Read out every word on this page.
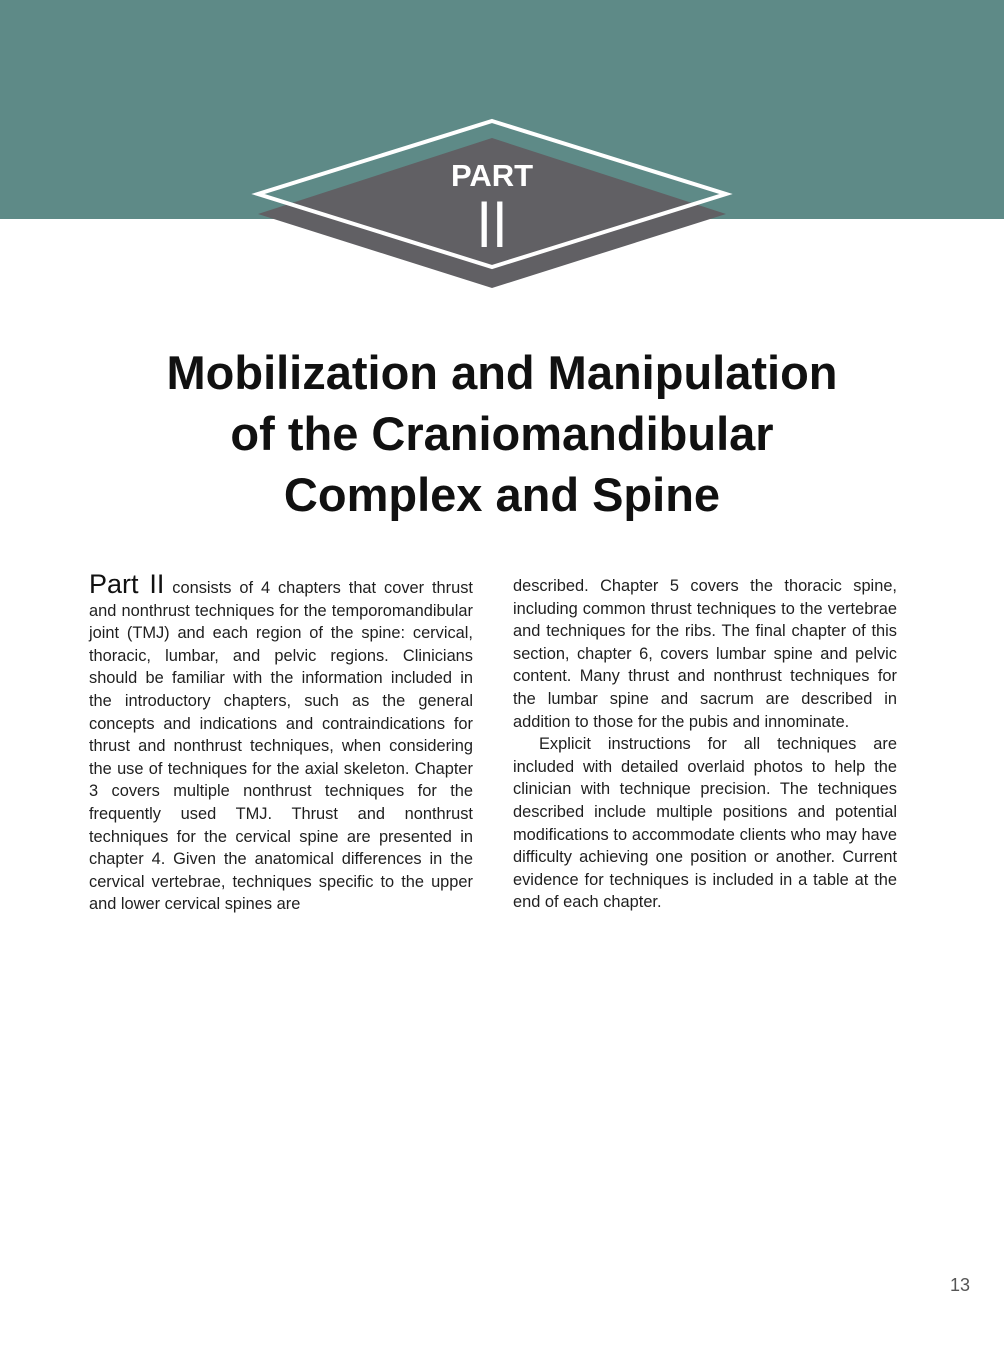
PART
II
Mobilization and Manipulation
of the Craniomandibular
Complex and Spine

Part II consists of 4 chapters that cover thrust and nonthrust techniques for the temporomandibular joint (TMJ) and each region of the spine: cervical, thoracic, lumbar, and pelvic regions. Clinicians should be familiar with the information included in the introductory chapters, such as the general concepts and indications and contraindications for thrust and nonthrust techniques, when considering the use of techniques for the axial skeleton. Chapter 3 covers multiple nonthrust techniques for the frequently used TMJ. Thrust and nonthrust techniques for the cervical spine are presented in chapter 4. Given the anatomical differences in the cervical vertebrae, techniques specific to the upper and lower cervical spines are

described. Chapter 5 covers the thoracic spine, including common thrust techniques to the vertebrae and techniques for the ribs. The final chapter of this section, chapter 6, covers lumbar spine and pelvic content. Many thrust and nonthrust techniques for the lumbar spine and sacrum are described in addition to those for the pubis and innominate.

Explicit instructions for all techniques are included with detailed overlaid photos to help the clinician with technique precision. The techniques described include multiple positions and potential modifications to accommodate clients who may have difficulty achieving one position or another. Current evidence for techniques is included in a table at the end of each chapter.

13
